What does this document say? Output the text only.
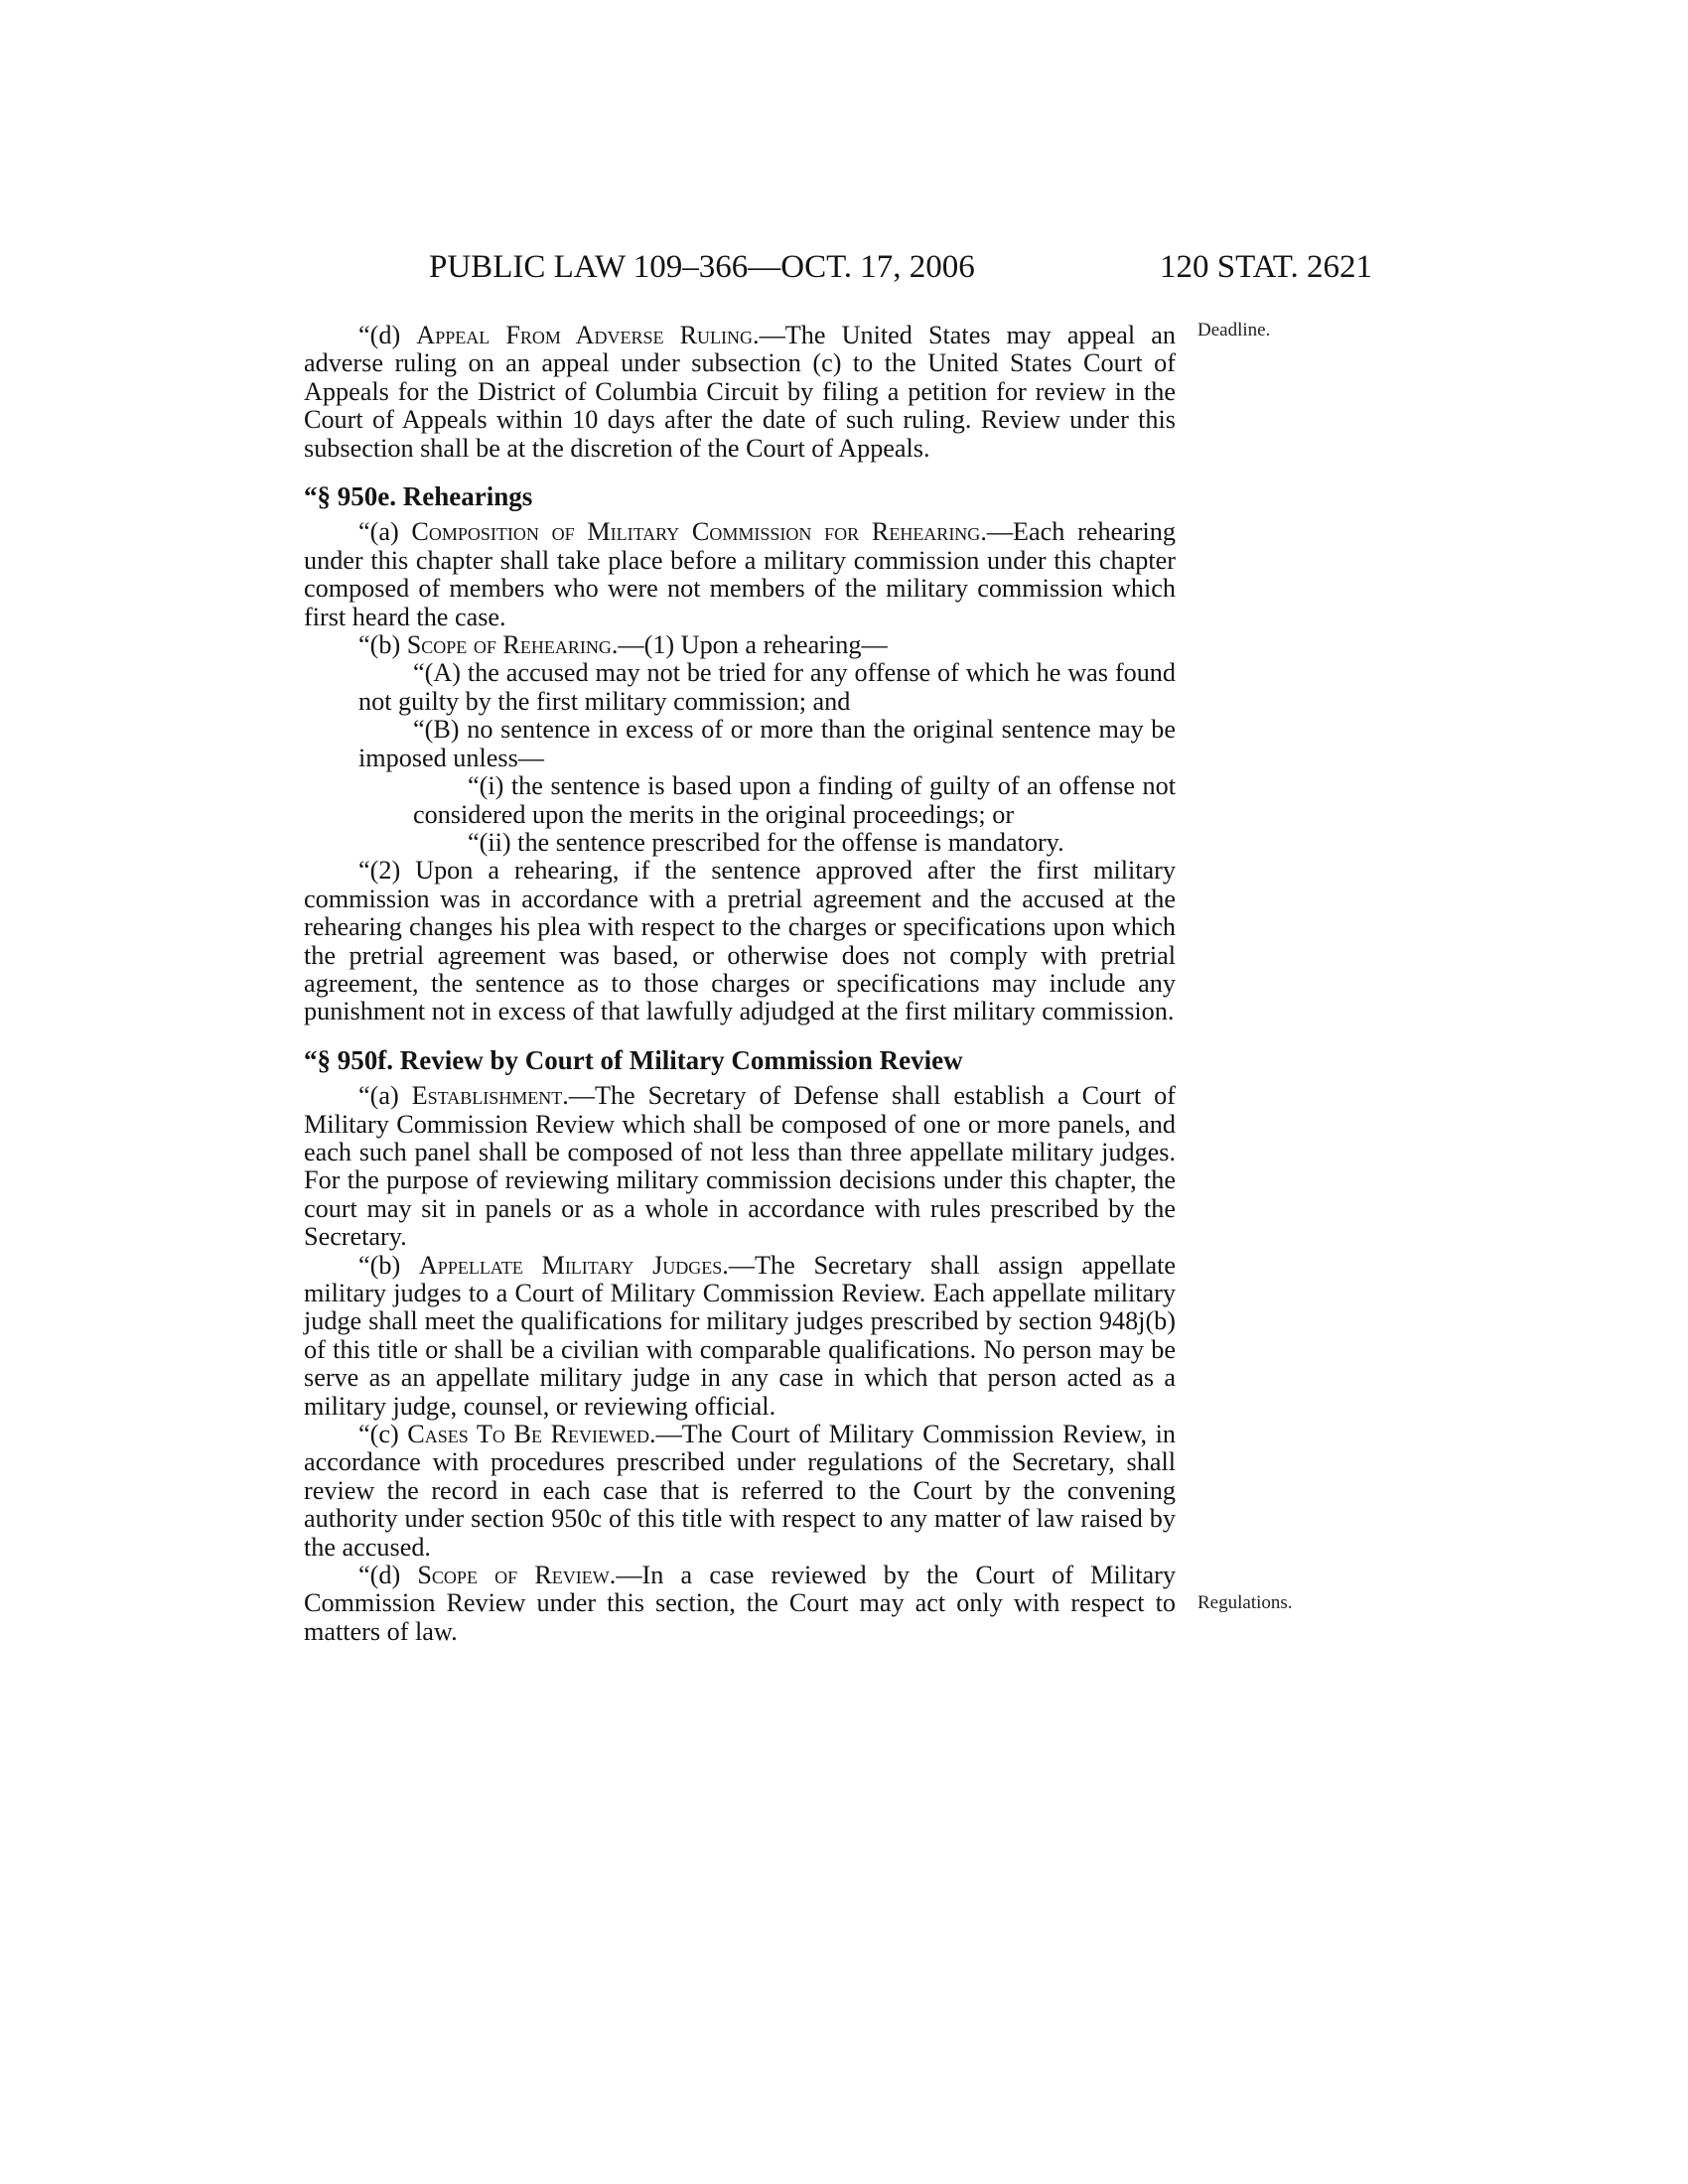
PUBLIC LAW 109–366—OCT. 17, 2006	120 STAT. 2621
Deadline.
Regulations.

“(d) Appeal From Adverse Ruling.—The United States may appeal an adverse ruling on an appeal under subsection (c) to the United States Court of Appeals for the District of Columbia Circuit by filing a petition for review in the Court of Appeals within 10 days after the date of such ruling. Review under this subsection shall be at the discretion of the Court of Appeals.

“§ 950e. Rehearings

“(a) Composition of Military Commission for Rehearing.—Each rehearing under this chapter shall take place before a military commission under this chapter composed of members who were not members of the military commission which first heard the case.

“(b) Scope of Rehearing.—(1) Upon a rehearing—

“(A) the accused may not be tried for any offense of which he was found not guilty by the first military commission; and

“(B) no sentence in excess of or more than the original sentence may be imposed unless—

“(i) the sentence is based upon a finding of guilty of an offense not considered upon the merits in the original proceedings; or

“(ii) the sentence prescribed for the offense is mandatory.

“(2) Upon a rehearing, if the sentence approved after the first military commission was in accordance with a pretrial agreement and the accused at the rehearing changes his plea with respect to the charges or specifications upon which the pretrial agreement was based, or otherwise does not comply with pretrial agreement, the sentence as to those charges or specifications may include any punishment not in excess of that lawfully adjudged at the first military commission.

“§ 950f. Review by Court of Military Commission Review

“(a) Establishment.—The Secretary of Defense shall establish a Court of Military Commission Review which shall be composed of one or more panels, and each such panel shall be composed of not less than three appellate military judges. For the purpose of reviewing military commission decisions under this chapter, the court may sit in panels or as a whole in accordance with rules prescribed by the Secretary.

“(b) Appellate Military Judges.—The Secretary shall assign appellate military judges to a Court of Military Commission Review. Each appellate military judge shall meet the qualifications for military judges prescribed by section 948j(b) of this title or shall be a civilian with comparable qualifications. No person may be serve as an appellate military judge in any case in which that person acted as a military judge, counsel, or reviewing official.

“(c) Cases To Be Reviewed.—The Court of Military Commission Review, in accordance with procedures prescribed under regulations of the Secretary, shall review the record in each case that is referred to the Court by the convening authority under section 950c of this title with respect to any matter of law raised by the accused.

“(d) Scope of Review.—In a case reviewed by the Court of Military Commission Review under this section, the Court may act only with respect to matters of law.
